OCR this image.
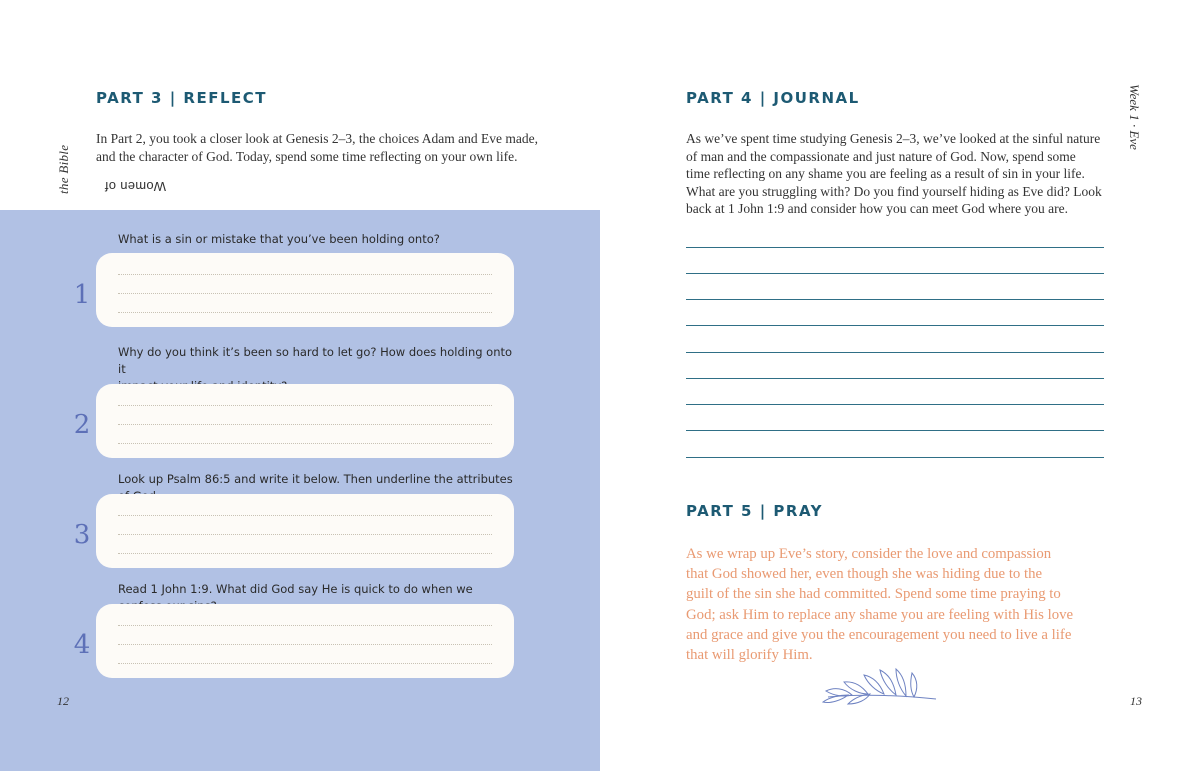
Women of
the Bible
PART 3 | REFLECT
In Part 2, you took a closer look at Genesis 2–3, the choices Adam and Eve made,
and the character of God. Today, spend some time reflecting on your own life.
What is a sin or mistake that you’ve been holding onto?
1
Why do you think it’s been so hard to let go? How does holding onto it
2
Look up Psalm 86:5 and write it below. Then underline the attributes
3
Read 1 John 1:9. What did God say He is quick to do when we
4
12
Week 1 · Eve
PART 4 | JOURNAL
As we’ve spent time studying Genesis 2–3, we’ve looked at the sinful nature
of man and the compassionate and just nature of God. Now, spend some
time reflecting on any shame you are feeling as a result of sin in your life.
What are you struggling with? Do you find yourself hiding as Eve did? Look
back at 1 John 1:9 and consider how you can meet God where you are.
PART 5 | PRAY
As we wrap up Eve’s story, consider the love and compassion
that God showed her, even though she was hiding due to the
guilt of the sin she had committed. Spend some time praying to
God; ask Him to replace any shame you are feeling with His love
and grace and give you the encouragement you need to live a life
that will glorify Him.
13
